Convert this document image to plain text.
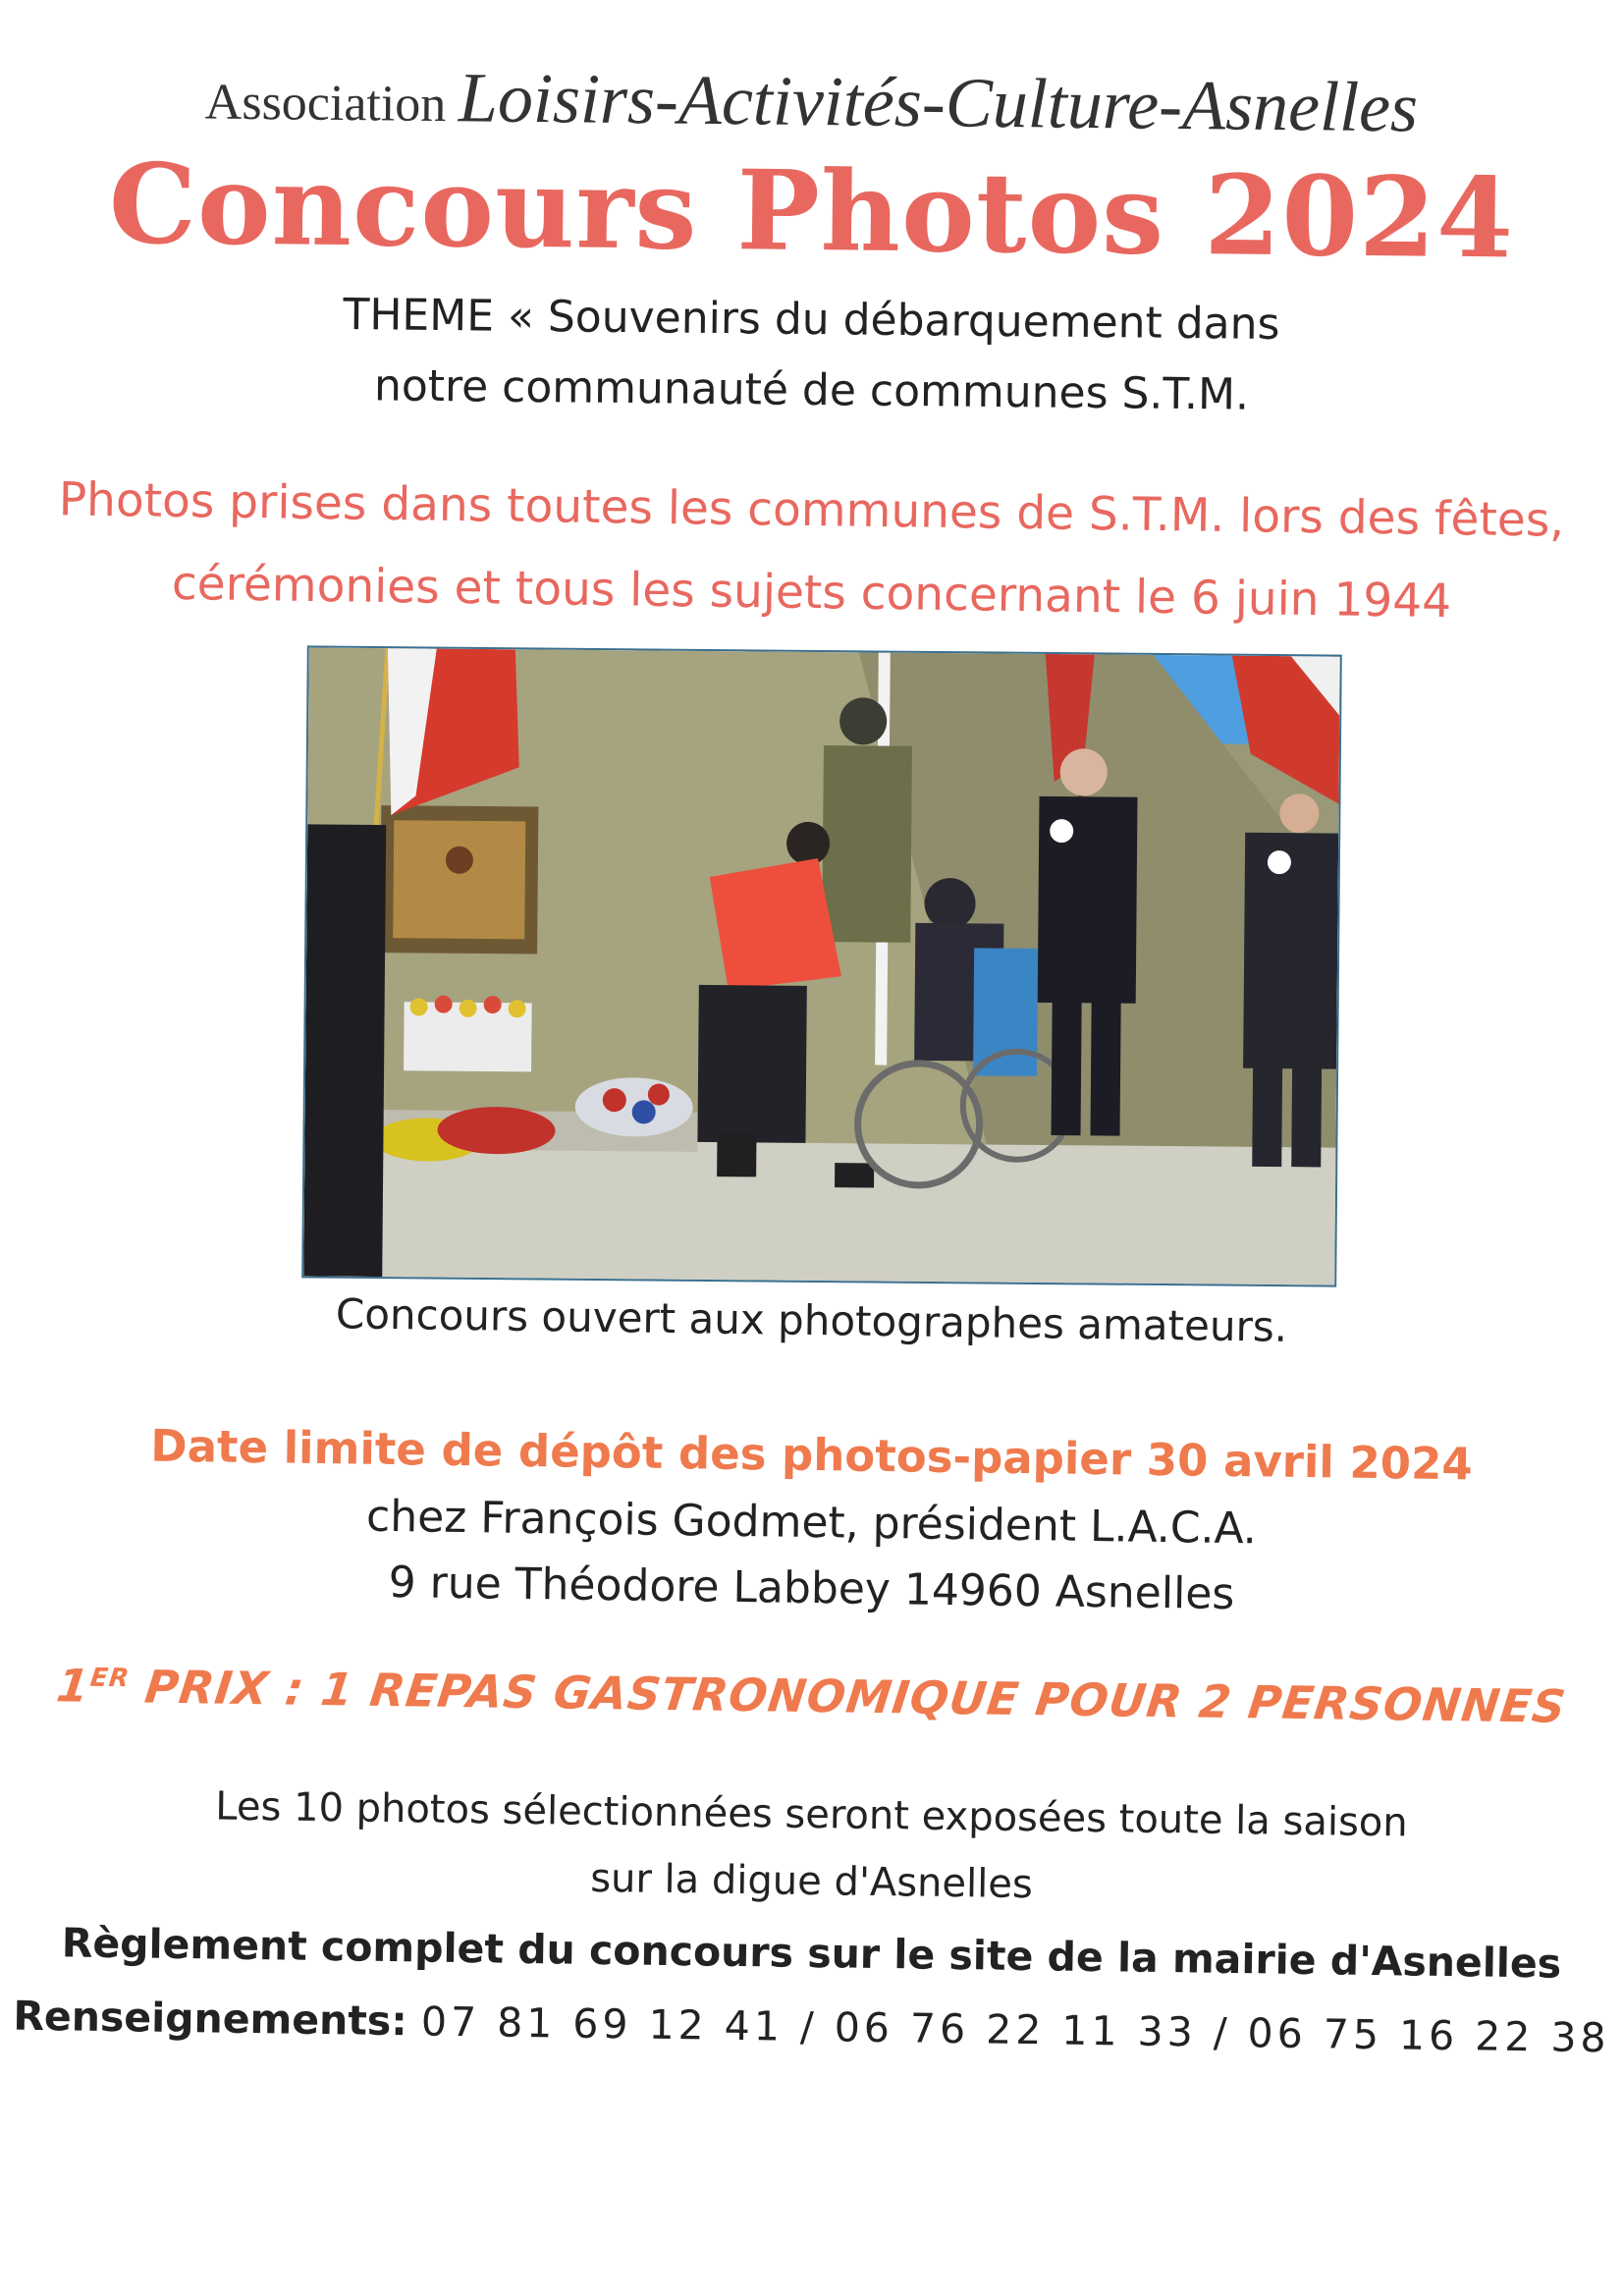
Association Loisirs-Activités-Culture-Asnelles
Concours Photos 2024
THEME « Souvenirs du débarquement dans
notre communauté de communes S.T.M.
Photos prises dans toutes les communes de S.T.M. lors des fêtes,
cérémonies et tous les sujets concernant le 6 juin 1944
Concours ouvert aux photographes amateurs.
Date limite de dépôt des photos-papier 30 avril 2024
chez François Godmet, président L.A.C.A.
9 rue Théodore Labbey 14960 Asnelles
1ER PRIX : 1 REPAS GASTRONOMIQUE POUR 2 PERSONNES
Les 10 photos sélectionnées seront exposées toute la saison
sur la digue d'Asnelles
Règlement complet du concours sur le site de la mairie d'Asnelles
Renseignements: 07 81 69 12 41 / 06 76 22 11 33 / 06 75 16 22 38
